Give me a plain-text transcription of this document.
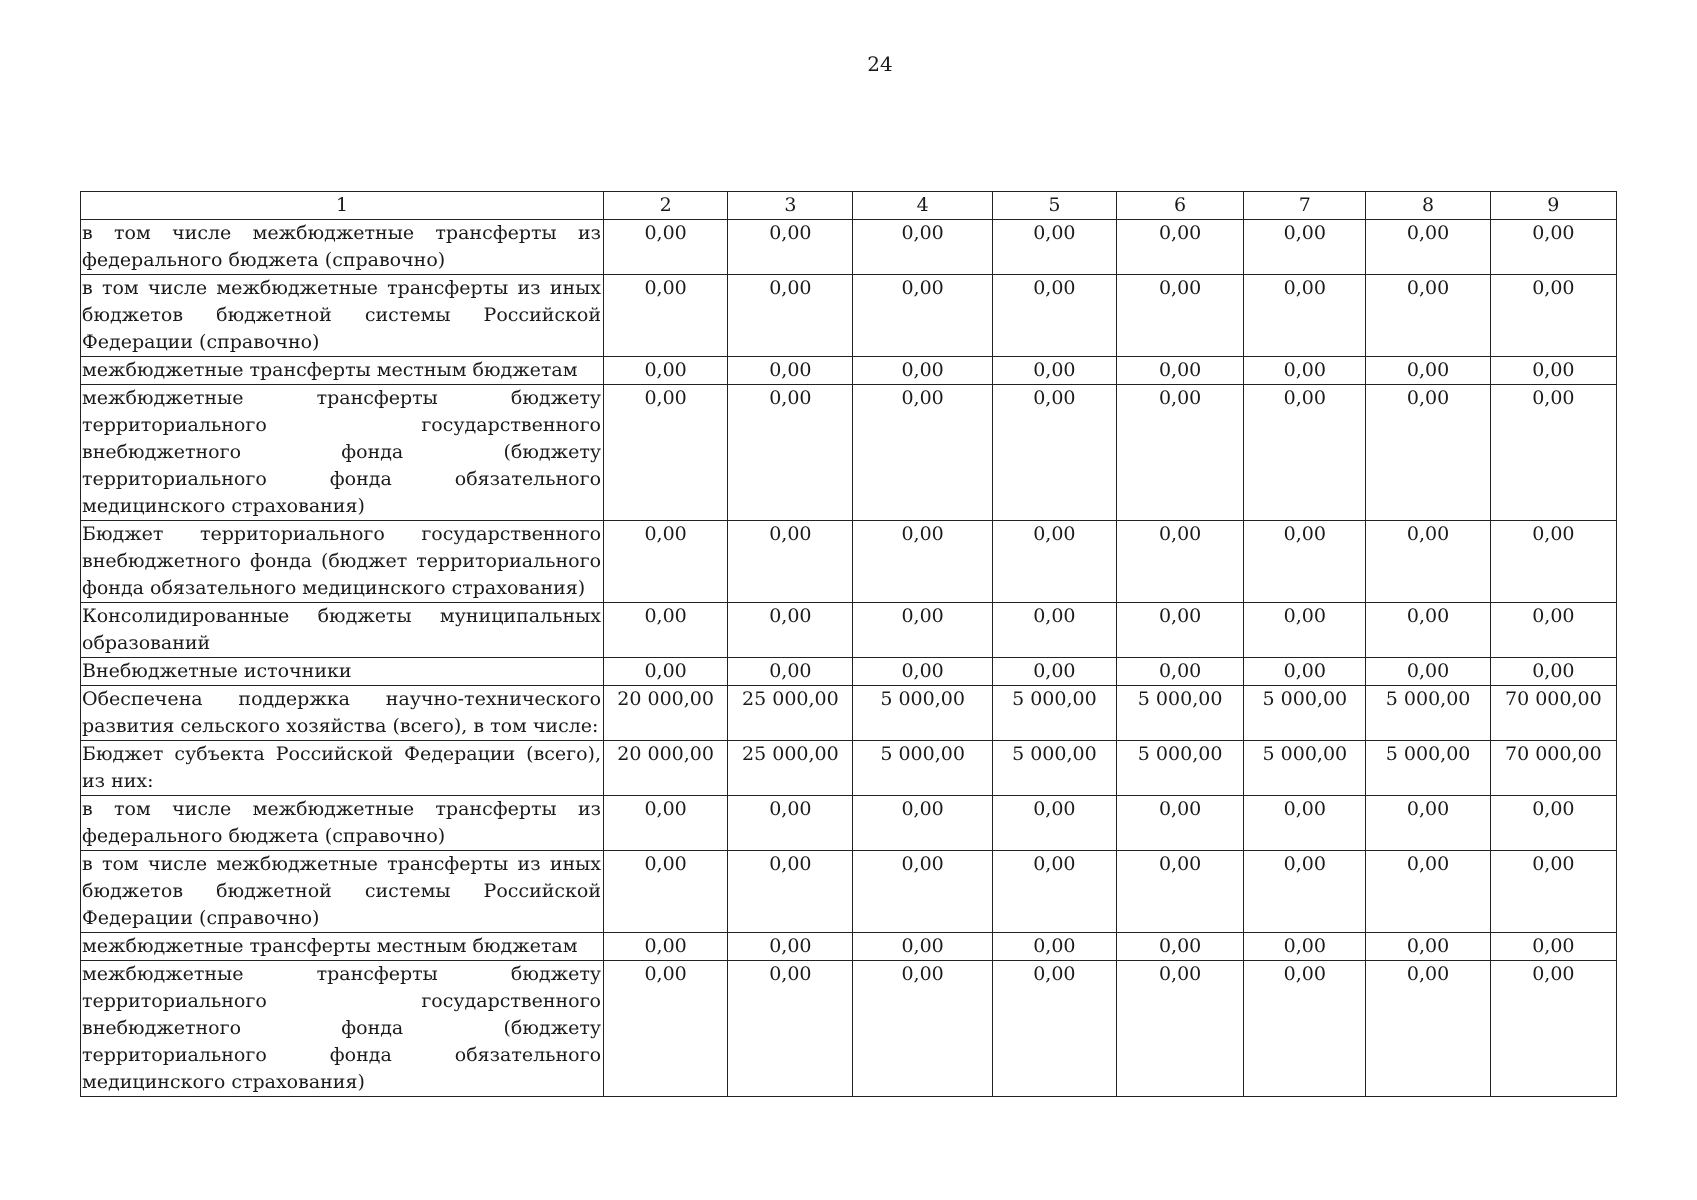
24
1	2	3	4	5	6	7	8	9
в том числе межбюджетные трансферты из федерального бюджета (справочно)	0,00	0,00	0,00	0,00	0,00	0,00	0,00	0,00
в том числе межбюджетные трансферты из иных бюджетов бюджетной системы Российской Федерации (справочно)	0,00	0,00	0,00	0,00	0,00	0,00	0,00	0,00
межбюджетные трансферты местным бюджетам	0,00	0,00	0,00	0,00	0,00	0,00	0,00	0,00
межбюджетные трансферты бюджету территориального государственного внебюджетного фонда (бюджету территориального фонда обязательного медицинского страхования)	0,00	0,00	0,00	0,00	0,00	0,00	0,00	0,00
Бюджет территориального государственного внебюджетного фонда (бюджет территориального фонда обязательного медицинского страхования)	0,00	0,00	0,00	0,00	0,00	0,00	0,00	0,00
Консолидированные бюджеты муниципальных образований	0,00	0,00	0,00	0,00	0,00	0,00	0,00	0,00
Внебюджетные источники	0,00	0,00	0,00	0,00	0,00	0,00	0,00	0,00
Обеспечена поддержка научно-технического развития сельского хозяйства (всего), в том числе:	20 000,00	25 000,00	5 000,00	5 000,00	5 000,00	5 000,00	5 000,00	70 000,00
Бюджет субъекта Российской Федерации (всего), из них:	20 000,00	25 000,00	5 000,00	5 000,00	5 000,00	5 000,00	5 000,00	70 000,00
в том числе межбюджетные трансферты из федерального бюджета (справочно)	0,00	0,00	0,00	0,00	0,00	0,00	0,00	0,00
в том числе межбюджетные трансферты из иных бюджетов бюджетной системы Российской Федерации (справочно)	0,00	0,00	0,00	0,00	0,00	0,00	0,00	0,00
межбюджетные трансферты местным бюджетам	0,00	0,00	0,00	0,00	0,00	0,00	0,00	0,00
межбюджетные трансферты бюджету территориального государственного внебюджетного фонда (бюджету территориального фонда обязательного медицинского страхования)	0,00	0,00	0,00	0,00	0,00	0,00	0,00	0,00
